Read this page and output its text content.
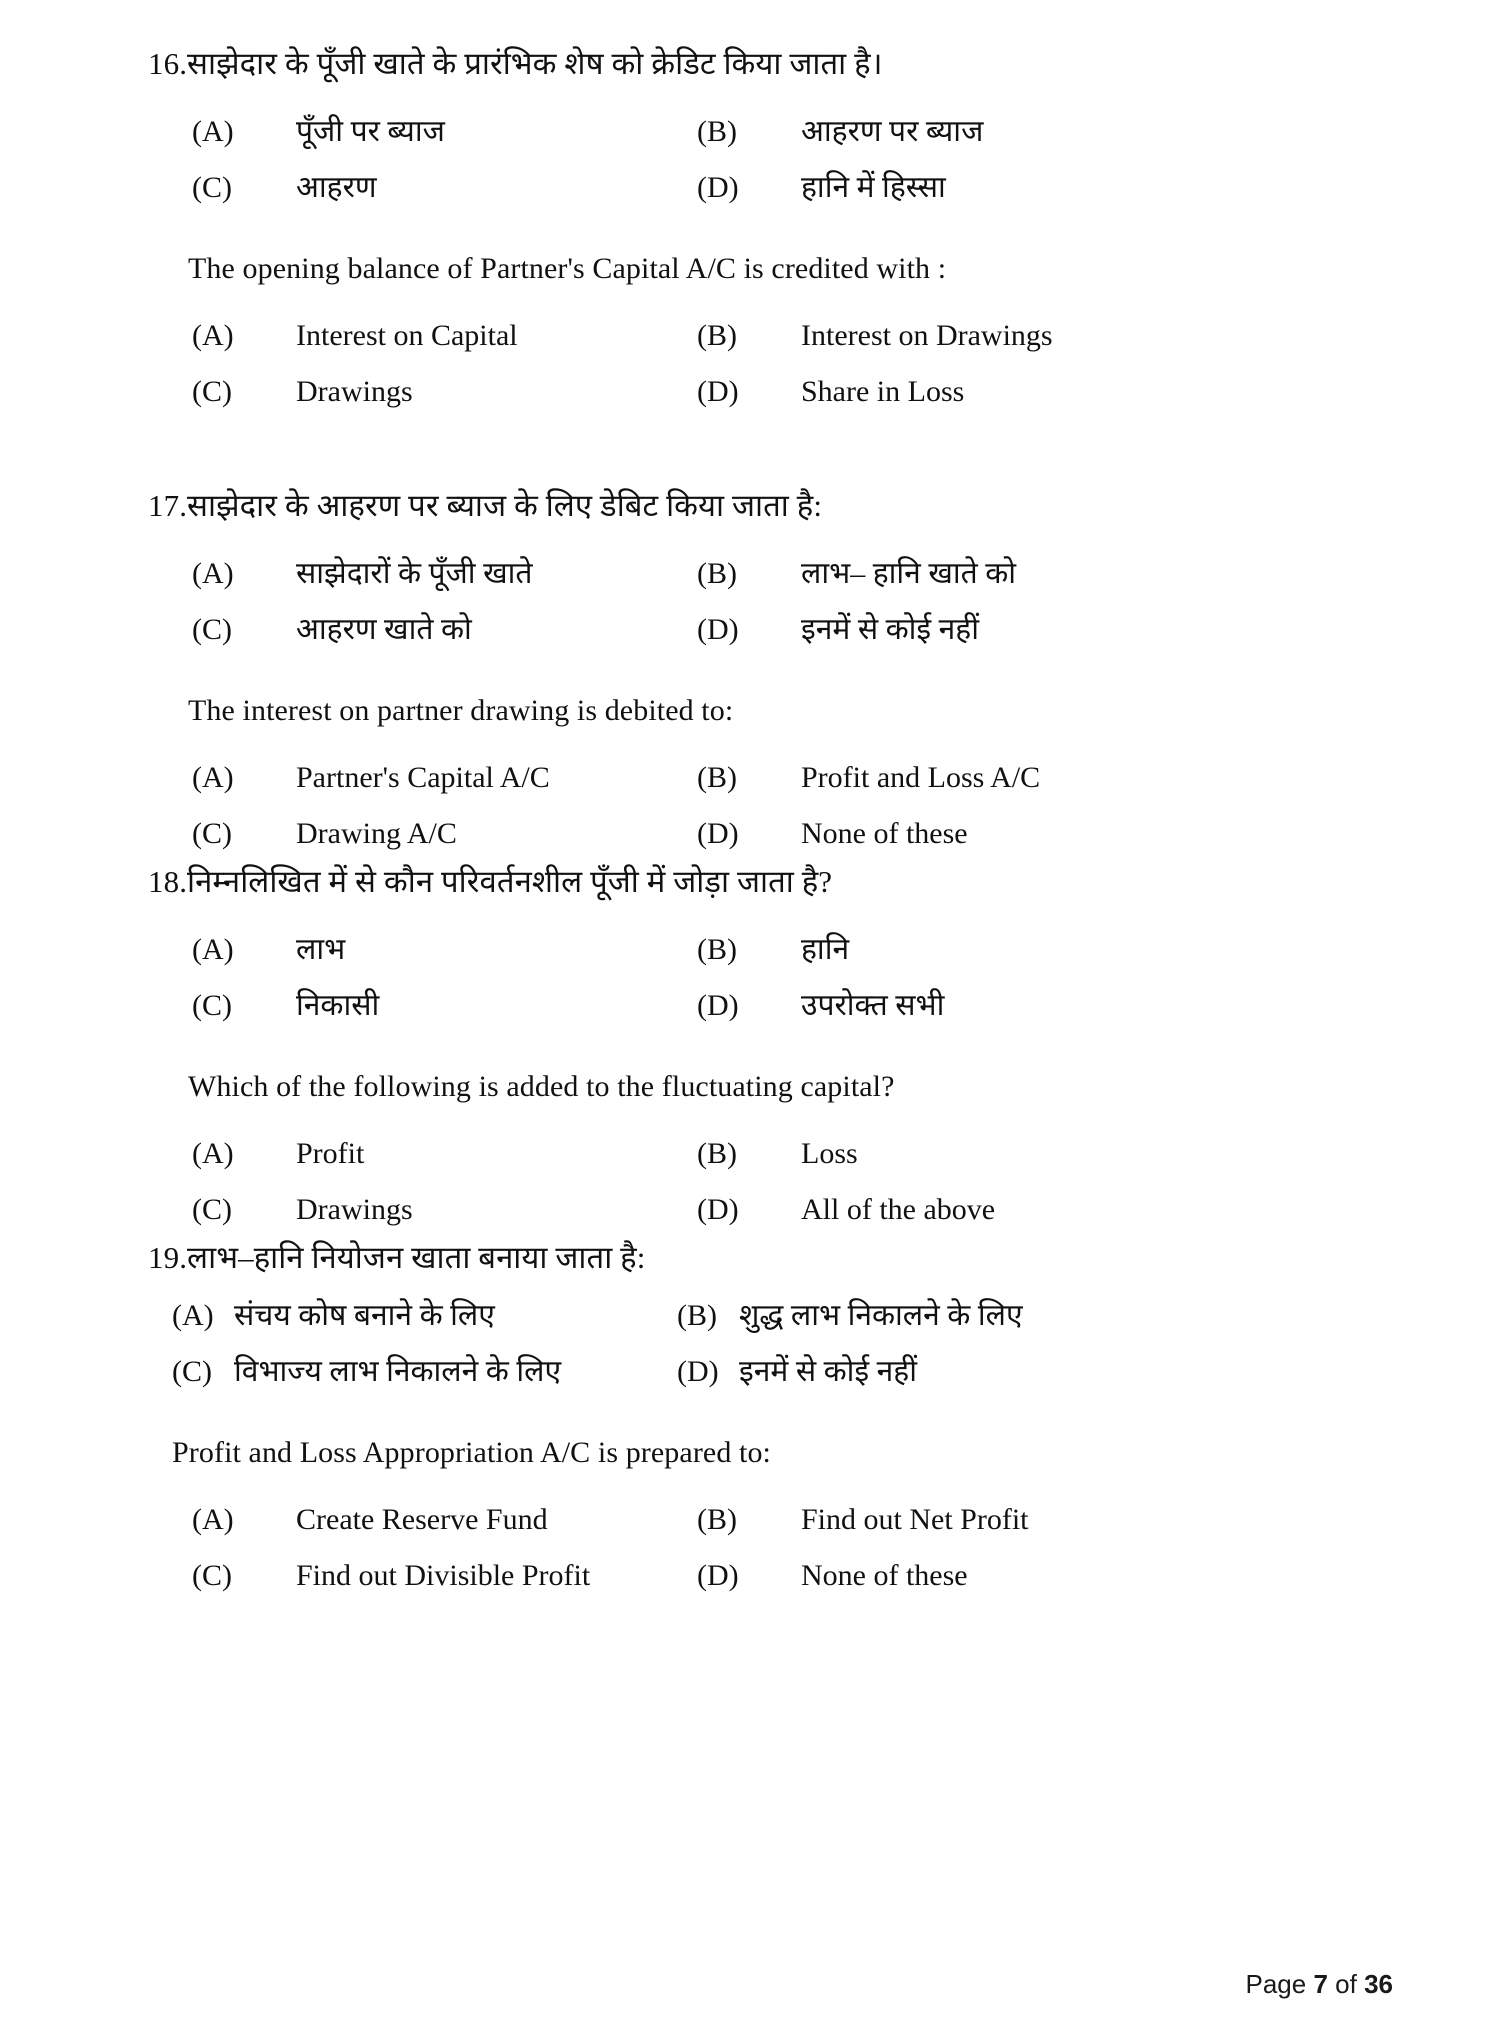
16.साझेदार के पूँजी खाते के प्रारंभिक शेष को क्रेडिट किया जाता है।
(A)	पूँजी पर ब्याज	(B)	आहरण पर ब्याज
(C)	आहरण	(D)	हानि में हिस्सा
The opening balance of Partner's Capital A/C is credited with :
(A)	Interest on Capital	(B)	Interest on Drawings
(C)	Drawings	(D)	Share in Loss
17.साझेदार के आहरण पर ब्याज के लिए डेबिट किया जाता है:
(A)	साझेदारों के पूँजी खाते	(B)	लाभ– हानि खाते को
(C)	आहरण खाते को	(D)	इनमें से कोई नहीं
The interest on partner drawing is debited to:
(A)	Partner's Capital A/C	(B)	Profit and Loss A/C
(C)	Drawing A/C	(D)	None of these
18.निम्नलिखित में से कौन परिवर्तनशील पूँजी में जोड़ा जाता है?
(A)	लाभ	(B)	हानि
(C)	निकासी	(D)	उपरोक्त सभी
Which of the following is added to the fluctuating capital?
(A)	Profit	(B)	Loss
(C)	Drawings	(D)	All of the above
19.लाभ–हानि नियोजन खाता बनाया जाता है:
(A) संचय कोष बनाने के लिए	(B) शुद्ध लाभ निकालने के लिए
(C) विभाज्य लाभ निकालने के लिए	(D) इनमें से कोई नहीं
Profit and Loss Appropriation A/C is prepared to:
(A)	Create Reserve Fund	(B)	Find out Net Profit
(C)	Find out Divisible Profit	(D)	None of these
Page 7 of 36
